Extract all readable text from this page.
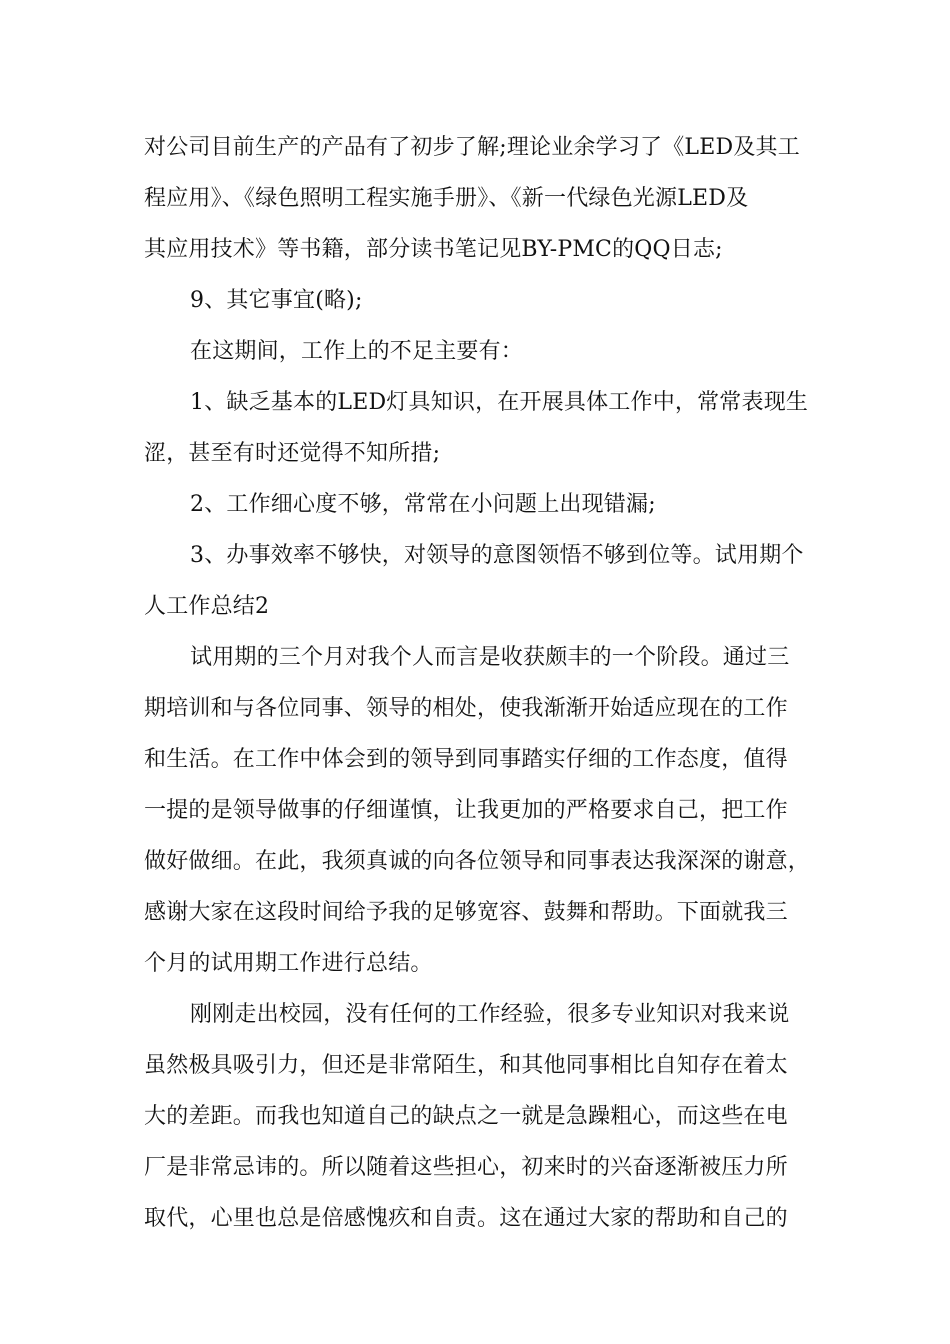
对公司目前生产的产品有了初步了解;理论业余学习了《LED及其工
程应用》、《绿色照明工程实施手册》、《新一代绿色光源LED及
其应用技术》等书籍，部分读书笔记见BY-PMC的QQ日志;
9、其它事宜(略);
在这期间，工作上的不足主要有：
1、缺乏基本的LED灯具知识，在开展具体工作中，常常表现生
涩，甚至有时还觉得不知所措;
2、工作细心度不够，常常在小问题上出现错漏;
3、办事效率不够快，对领导的意图领悟不够到位等。试用期个
人工作总结2
试用期的三个月对我个人而言是收获颇丰的一个阶段。通过三
期培训和与各位同事、领导的相处，使我渐渐开始适应现在的工作
和生活。在工作中体会到的领导到同事踏实仔细的工作态度，值得
一提的是领导做事的仔细谨慎，让我更加的严格要求自己，把工作
做好做细。在此，我须真诚的向各位领导和同事表达我深深的谢意，
感谢大家在这段时间给予我的足够宽容、鼓舞和帮助。下面就我三
个月的试用期工作进行总结。
刚刚走出校园，没有任何的工作经验，很多专业知识对我来说
虽然极具吸引力，但还是非常陌生，和其他同事相比自知存在着太
大的差距。而我也知道自己的缺点之一就是急躁粗心，而这些在电
厂是非常忌讳的。所以随着这些担心，初来时的兴奋逐渐被压力所
取代，心里也总是倍感愧疚和自责。这在通过大家的帮助和自己的
